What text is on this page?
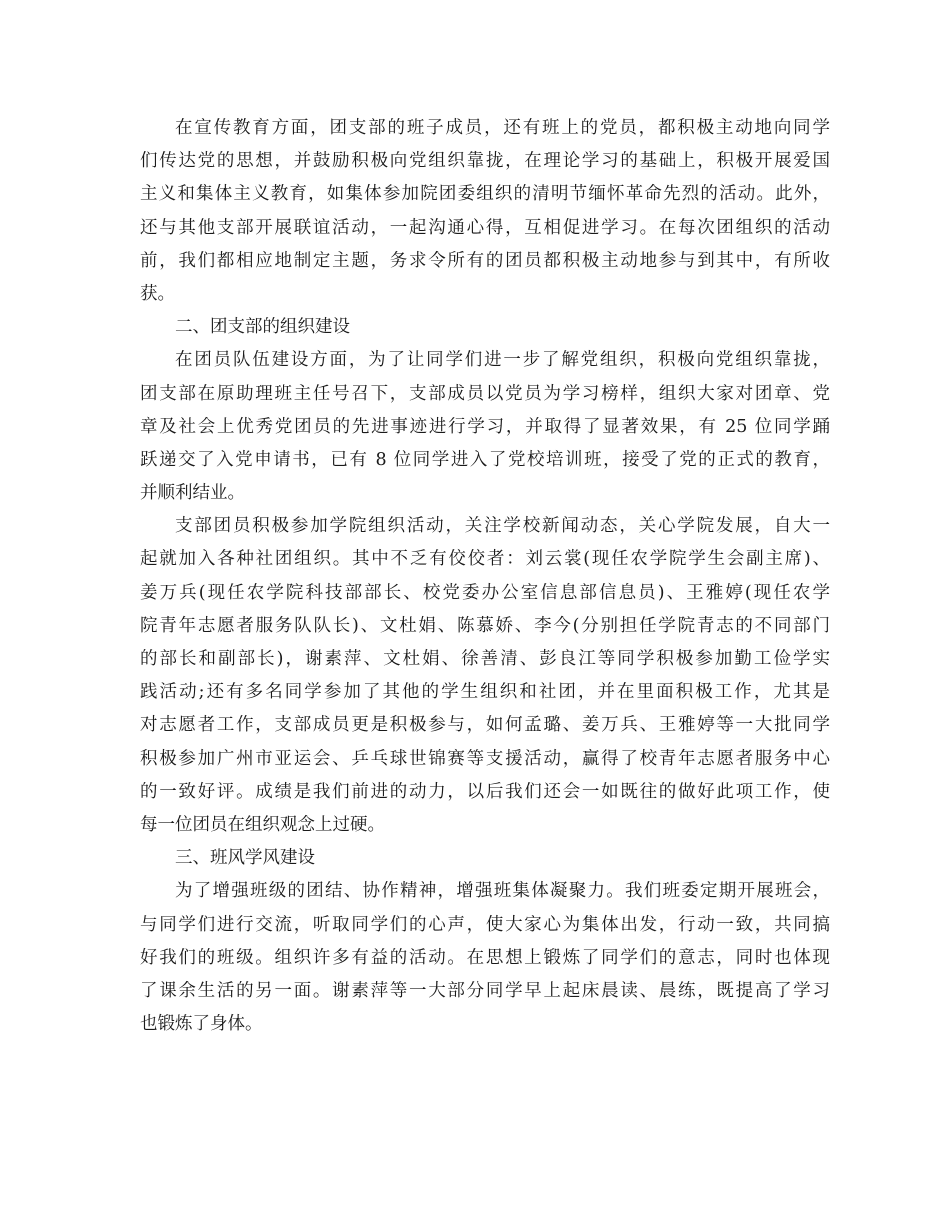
在宣传教育方面，团支部的班子成员，还有班上的党员，都积极主动地向同学
们传达党的思想，并鼓励积极向党组织靠拢，在理论学习的基础上，积极开展爱国
主义和集体主义教育，如集体参加院团委组织的清明节缅怀革命先烈的活动。此外，
还与其他支部开展联谊活动，一起沟通心得，互相促进学习。在每次团组织的活动
前，我们都相应地制定主题，务求令所有的团员都积极主动地参与到其中，有所收
获。
二、团支部的组织建设
在团员队伍建设方面，为了让同学们进一步了解党组织，积极向党组织靠拢，
团支部在原助理班主任号召下，支部成员以党员为学习榜样，组织大家对团章、党
章及社会上优秀党团员的先进事迹进行学习，并取得了显著效果，有 25 位同学踊
跃递交了入党申请书，已有 8 位同学进入了党校培训班，接受了党的正式的教育，
并顺利结业。
支部团员积极参加学院组织活动，关注学校新闻动态，关心学院发展，自大一
起就加入各种社团组织。其中不乏有佼佼者：刘云裳(现任农学院学生会副主席)、
姜万兵(现任农学院科技部部长、校党委办公室信息部信息员)、王雅婷(现任农学
院青年志愿者服务队队长)、文杜娟、陈慕娇、李今(分别担任学院青志的不同部门
的部长和副部长)，谢素萍、文杜娟、徐善清、彭良江等同学积极参加勤工俭学实
践活动;还有多名同学参加了其他的学生组织和社团，并在里面积极工作，尤其是
对志愿者工作，支部成员更是积极参与，如何孟璐、姜万兵、王雅婷等一大批同学
积极参加广州市亚运会、乒乓球世锦赛等支援活动，赢得了校青年志愿者服务中心
的一致好评。成绩是我们前进的动力，以后我们还会一如既往的做好此项工作，使
每一位团员在组织观念上过硬。
三、班风学风建设
为了增强班级的团结、协作精神，增强班集体凝聚力。我们班委定期开展班会，
与同学们进行交流，听取同学们的心声，使大家心为集体出发，行动一致，共同搞
好我们的班级。组织许多有益的活动。在思想上锻炼了同学们的意志，同时也体现
了课余生活的另一面。谢素萍等一大部分同学早上起床晨读、晨练，既提高了学习
也锻炼了身体。
